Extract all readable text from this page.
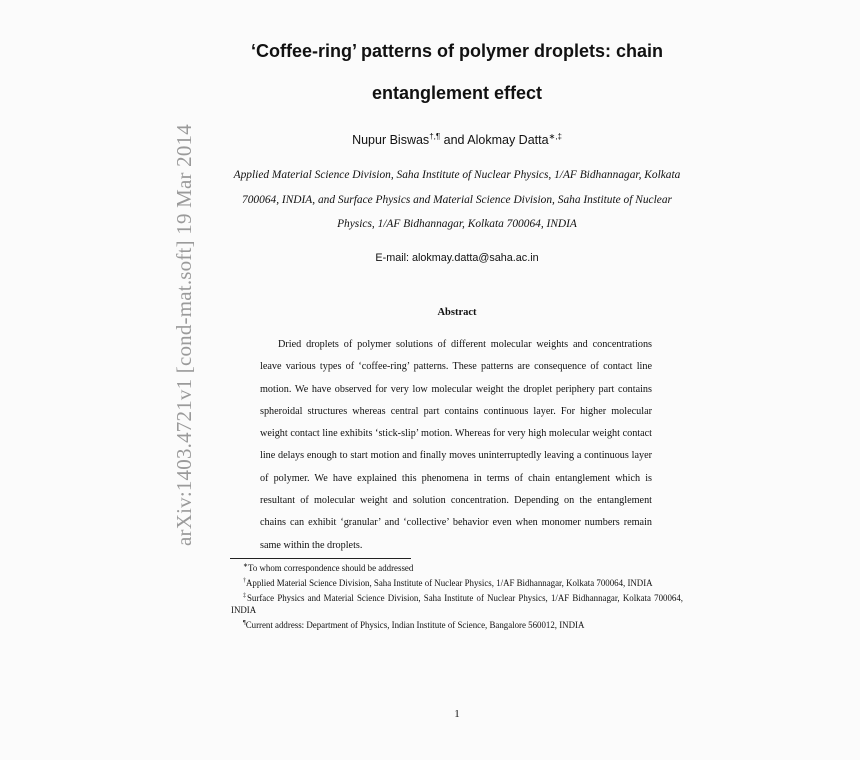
arXiv:1403.4721v1 [cond-mat.soft] 19 Mar 2014
‘Coffee-ring’ patterns of polymer droplets: chain entanglement effect
Nupur Biswas†,¶ and Alokmay Datta∗,‡
Applied Material Science Division, Saha Institute of Nuclear Physics, 1/AF Bidhannagar, Kolkata 700064, INDIA, and Surface Physics and Material Science Division, Saha Institute of Nuclear Physics, 1/AF Bidhannagar, Kolkata 700064, INDIA
E-mail: alokmay.datta@saha.ac.in
Abstract

Dried droplets of polymer solutions of different molecular weights and concentrations leave various types of ‘coffee-ring’ patterns. These patterns are consequence of contact line motion. We have observed for very low molecular weight the droplet periphery part contains spheroidal structures whereas central part contains continuous layer. For higher molecular weight contact line exhibits ‘stick-slip’ motion. Whereas for very high molecular weight contact line delays enough to start motion and finally moves uninterruptedly leaving a continuous layer of polymer. We have explained this phenomena in terms of chain entanglement which is resultant of molecular weight and solution concentration. Depending on the entanglement chains can exhibit ‘granular’ and ‘collective’ behavior even when monomer numbers remain same within the droplets.

∗To whom correspondence should be addressed

†Applied Material Science Division, Saha Institute of Nuclear Physics, 1/AF Bidhannagar, Kolkata 700064, INDIA

‡Surface Physics and Material Science Division, Saha Institute of Nuclear Physics, 1/AF Bidhannagar, Kolkata 700064, INDIA

¶Current address: Department of Physics, Indian Institute of Science, Bangalore 560012, INDIA

1
